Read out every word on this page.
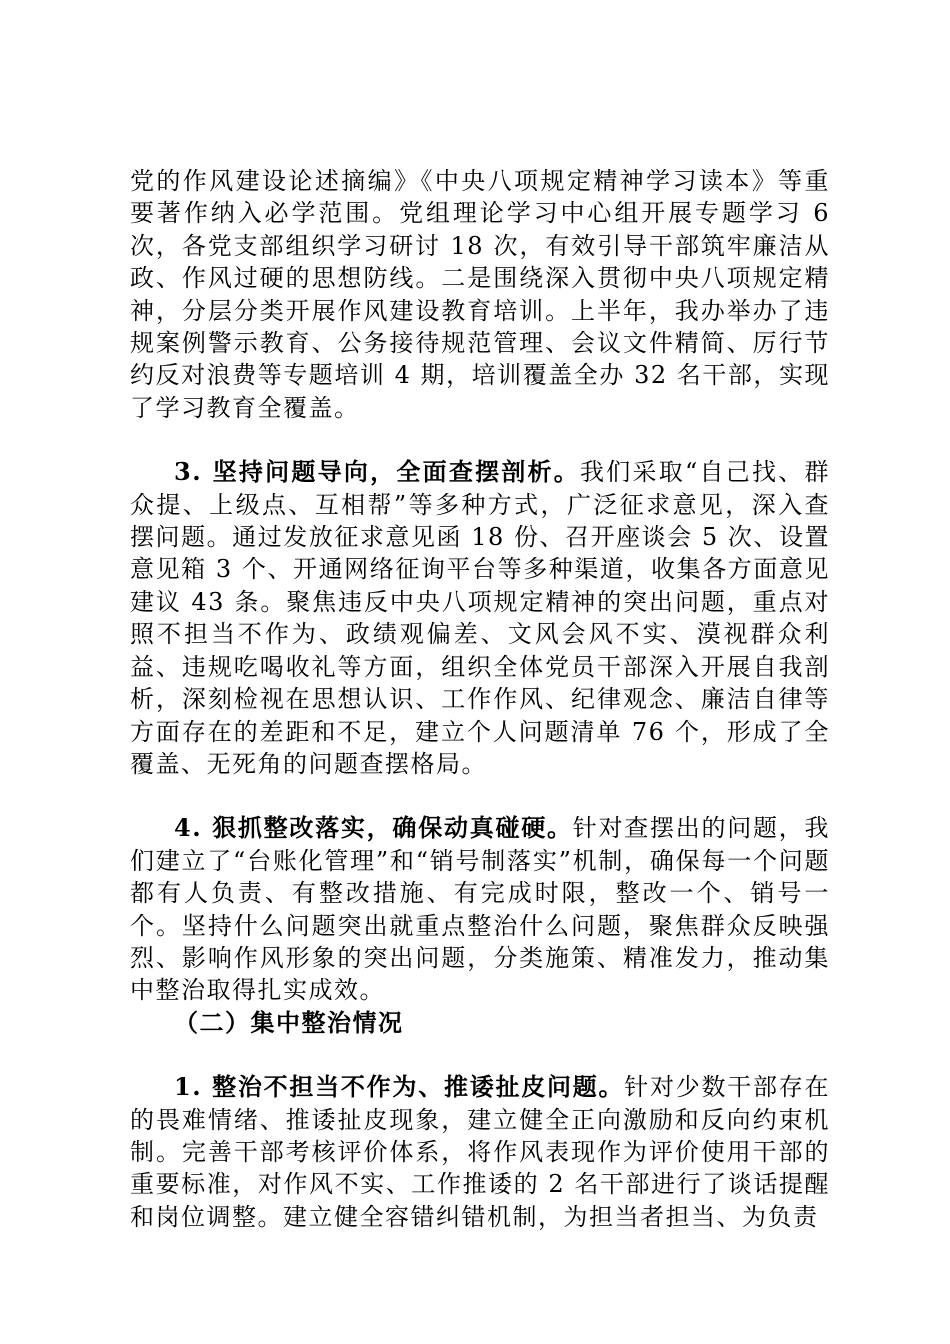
党的作风建设论述摘编》《中央八项规定精神学习读本》等重要著作纳入必学范围。党组理论学习中心组开展专题学习 6 次，各党支部组织学习研讨 18 次，有效引导干部筑牢廉洁从政、作风过硬的思想防线。二是围绕深入贯彻中央八项规定精神，分层分类开展作风建设教育培训。上半年，我办举办了违规案例警示教育、公务接待规范管理、会议文件精简、厉行节约反对浪费等专题培训 4 期，培训覆盖全办 32 名干部，实现了学习教育全覆盖。

3. 坚持问题导向，全面查摆剖析。我们采取“自己找、群众提、上级点、互相帮”等多种方式，广泛征求意见，深入查摆问题。通过发放征求意见函 18 份、召开座谈会 5 次、设置意见箱 3 个、开通网络征询平台等多种渠道，收集各方面意见建议 43 条。聚焦违反中央八项规定精神的突出问题，重点对照不担当不作为、政绩观偏差、文风会风不实、漠视群众利益、违规吃喝收礼等方面，组织全体党员干部深入开展自我剖析，深刻检视在思想认识、工作作风、纪律观念、廉洁自律等方面存在的差距和不足，建立个人问题清单 76 个，形成了全覆盖、无死角的问题查摆格局。

4. 狠抓整改落实，确保动真碰硬。针对查摆出的问题，我们建立了“台账化管理”和“销号制落实”机制，确保每一个问题都有人负责、有整改措施、有完成时限，整改一个、销号一个。坚持什么问题突出就重点整治什么问题，聚焦群众反映强烈、影响作风形象的突出问题，分类施策、精准发力，推动集中整治取得扎实成效。

（二）集中整治情况

1. 整治不担当不作为、推诿扯皮问题。针对少数干部存在的畏难情绪、推诿扯皮现象，建立健全正向激励和反向约束机制。完善干部考核评价体系，将作风表现作为评价使用干部的重要标准，对作风不实、工作推诿的 2 名干部进行了谈话提醒和岗位调整。建立健全容错纠错机制，为担当者担当、为负责
